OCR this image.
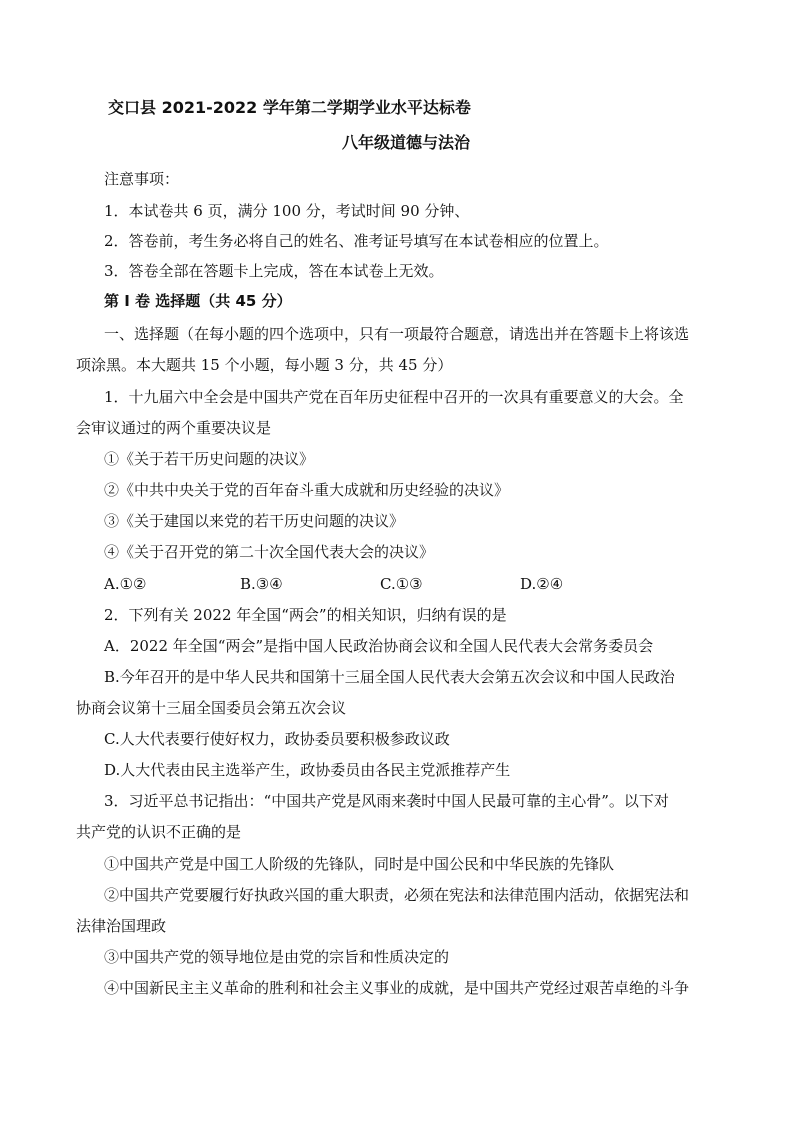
交口县 2021-2022 学年第二学期学业水平达标卷
八年级道德与法治
注意事项：
1．本试卷共 6 页，满分 100 分，考试时间 90 分钟、
2．答卷前，考生务必将自己的姓名、准考证号填写在本试卷相应的位置上。
3．答卷全部在答题卡上完成，答在本试卷上无效。
第 I 卷 选择题（共 45 分）
一、选择题（在每小题的四个选项中，只有一项最符合题意，请选出并在答题卡上将该选
项涂黑。本大题共 15 个小题，每小题 3 分，共 45 分）
1．十九届六中全会是中国共产党在百年历史征程中召开的一次具有重要意义的大会。全
会审议通过的两个重要决议是
①《关于若干历史问题的决议》
②《中共中央关于党的百年奋斗重大成就和历史经验的决议》
③《关于建国以来党的若干历史问题的决议》
④《关于召开党的第二十次全国代表大会的决议》
A.①②	B.③④	C.①③	D.②④
2．下列有关 2022 年全国“两会”的相关知识，归纳有误的是
A．2022 年全国“两会”是指中国人民政治协商会议和全国人民代表大会常务委员会
B.今年召开的是中华人民共和国第十三届全国人民代表大会第五次会议和中国人民政治
协商会议第十三届全国委员会第五次会议
C.人大代表要行使好权力，政协委员要积极参政议政
D.人大代表由民主选举产生，政协委员由各民主党派推荐产生
3．习近平总书记指出：“中国共产党是风雨来袭时中国人民最可靠的主心骨”。以下对
共产党的认识不正确的是
①中国共产党是中国工人阶级的先锋队，同时是中国公民和中华民族的先锋队
②中国共产党要履行好执政兴国的重大职责，必须在宪法和法律范围内活动，依据宪法和
法律治国理政
③中国共产党的领导地位是由党的宗旨和性质决定的
④中国新民主主义革命的胜利和社会主义事业的成就，是中国共产党经过艰苦卓绝的斗争
